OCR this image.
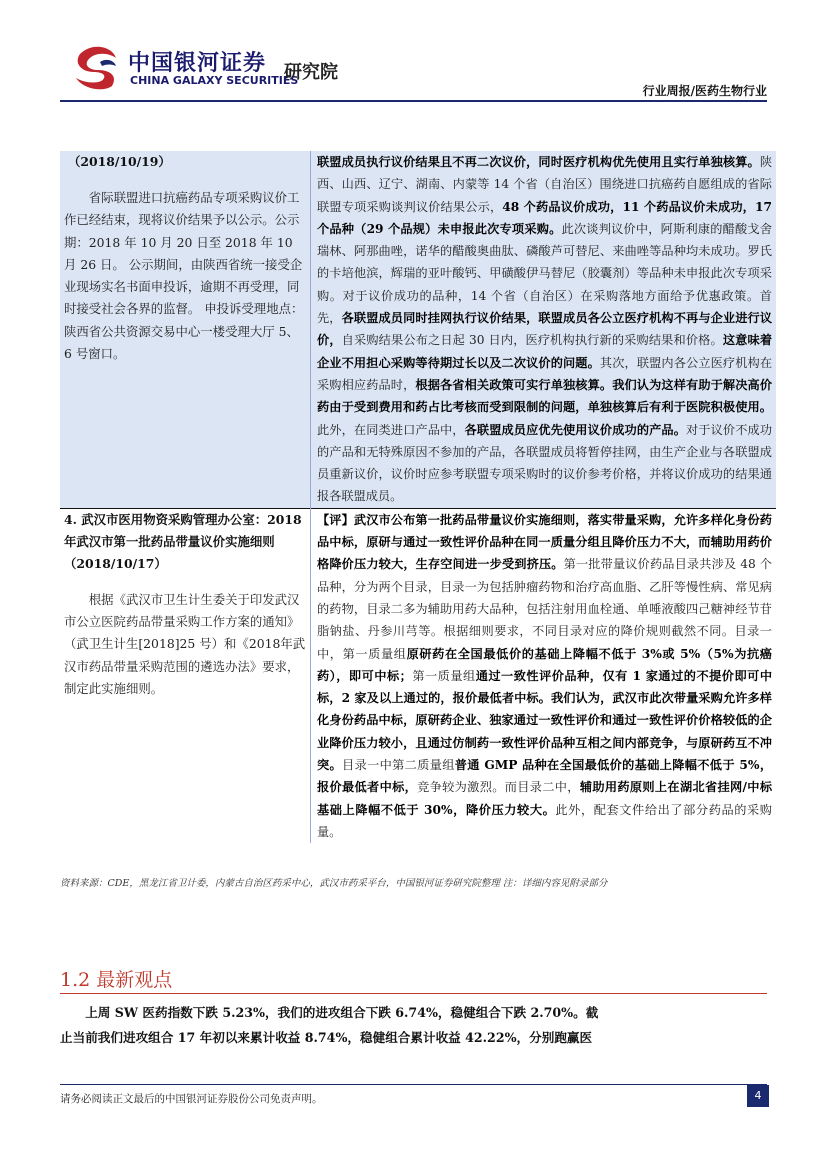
中国银河证券
CHINA GALAXY SECURITIES
研究院
行业周报/医药生物行业
（2018/10/19）
省际联盟进口抗癌药品专项采购议价工作已经结束，现将议价结果予以公示。公示期：2018 年 10 月 20 日至 2018 年 10 月 26 日。 公示期间，由陕西省统一接受企业现场实名书面申投诉，逾期不再受理，同时接受社会各界的监督。 申投诉受理地点：陕西省公共资源交易中心一楼受理大厅 5、6 号窗口。	联盟成员执行议价结果且不再二次议价，同时医疗机构优先使用且实行单独核算。陕西、山西、辽宁、湖南、内蒙等 14 个省（自治区）围绕进口抗癌药自愿组成的省际联盟专项采购谈判议价结果公示，48 个药品议价成功，11 个药品议价未成功，17 个品种（29 个品规）未申报此次专项采购。此次谈判议价中，阿斯利康的醋酸戈舍瑞林、阿那曲唑，诺华的醋酸奥曲肽、磷酸芦可替尼、来曲唑等品种均未成功。罗氏的卡培他滨，辉瑞的亚叶酸钙、甲磺酸伊马替尼（胶囊剂）等品种未申报此次专项采购。对于议价成功的品种，14 个省（自治区）在采购落地方面给予优惠政策。首先，各联盟成员同时挂网执行议价结果，联盟成员各公立医疗机构不再与企业进行议价，自采购结果公布之日起 30 日内，医疗机构执行新的采购结果和价格。这意味着企业不用担心采购等待期过长以及二次议价的问题。其次，联盟内各公立医疗机构在采购相应药品时，根据各省相关政策可实行单独核算。我们认为这样有助于解决高价药由于受到费用和药占比考核而受到限制的问题，单独核算后有利于医院积极使用。此外，在同类进口产品中，各联盟成员应优先使用议价成功的产品。对于议价不成功的产品和无特殊原因不参加的产品，各联盟成员将暂停挂网，由生产企业与各联盟成员重新议价，议价时应参考联盟专项采购时的议价参考价格，并将议价成功的结果通报各联盟成员。

4. 武汉市医用物资采购管理办公室：2018 年武汉市第一批药品带量议价实施细则（2018/10/17）
根据《武汉市卫生计生委关于印发武汉市公立医院药品带量采购工作方案的通知》（武卫生计生[2018]25 号）和《2018年武汉市药品带量采购范围的遴选办法》要求，制定此实施细则。	【评】武汉市公布第一批药品带量议价实施细则，落实带量采购，允许多样化身份药品中标，原研与通过一致性评价品种在同一质量分组且降价压力不大，而辅助用药价格降价压力较大，生存空间进一步受到挤压。第一批带量议价药品目录共涉及 48 个品种，分为两个目录，目录一为包括肿瘤药物和治疗高血脂、乙肝等慢性病、常见病的药物，目录二多为辅助用药大品种，包括注射用血栓通、单唾液酸四己糖神经节苷脂钠盐、丹参川芎等。根据细则要求，不同目录对应的降价规则截然不同。目录一中，第一质量组原研药在全国最低价的基础上降幅不低于 3%或 5%（5%为抗癌药），即可中标；第一质量组通过一致性评价品种，仅有 1 家通过的不提价即可中标，2 家及以上通过的，报价最低者中标。我们认为，武汉市此次带量采购允许多样化身份药品中标，原研药企业、独家通过一致性评价和通过一致性评价价格较低的企业降价压力较小，且通过仿制药一致性评价品种互相之间内部竞争，与原研药互不冲突。目录一中第二质量组普通 GMP 品种在全国最低价的基础上降幅不低于 5%，报价最低者中标，竞争较为激烈。而目录二中，辅助用药原则上在湖北省挂网/中标基础上降幅不低于 30%，降价压力较大。此外，配套文件给出了部分药品的采购量。
资料来源：CDE，黑龙江省卫计委，内蒙古自治区药采中心，武汉市药采平台，中国银河证券研究院整理 注：详细内容见附录部分
1.2 最新观点

上周 SW 医药指数下跌 5.23%，我们的进攻组合下跌 6.74%，稳健组合下跌 2.70%。截

止当前我们进攻组合 17 年初以来累计收益 8.74%，稳健组合累计收益 42.22%，分别跑赢医

请务必阅读正文最后的中国银河证券股份公司免责声明。	4
